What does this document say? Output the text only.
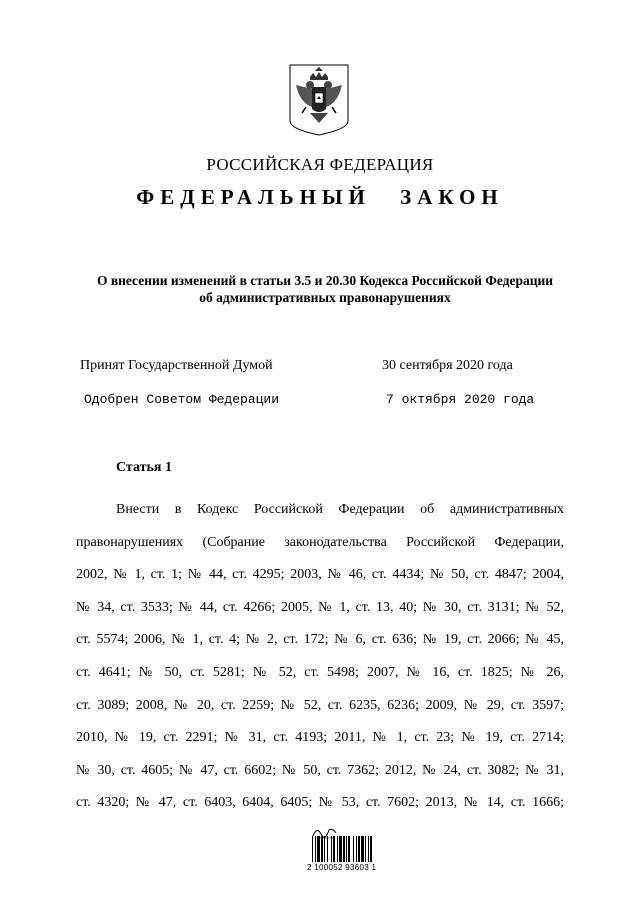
РОССИЙСКАЯ ФЕДЕРАЦИЯ
ФЕДЕРАЛЬНЫЙ ЗАКОН
О внесении изменений в статьи 3.5 и 20.30 Кодекса Российской Федерации об административных правонарушениях
Принят Государственной Думой	30 сентября 2020 года
Одобрен Советом Федерации	7 октября 2020 года
Статья 1
Внести в Кодекс Российской Федерации об административных
правонарушениях (Собрание законодательства Российской Федерации,
2002, № 1, ст. 1; № 44, ст. 4295; 2003, № 46, ст. 4434; № 50, ст. 4847; 2004,
№ 34, ст. 3533; № 44, ст. 4266; 2005, № 1, ст. 13, 40; № 30, ст. 3131; № 52,
ст. 5574; 2006, № 1, ст. 4; № 2, ст. 172; № 6, ст. 636; № 19, ст. 2066; № 45,
ст. 4641; № 50, ст. 5281; № 52, ст. 5498; 2007, № 16, ст. 1825; № 26,
ст. 3089; 2008, № 20, ст. 2259; № 52, ст. 6235, 6236; 2009, № 29, ст. 3597;
2010, № 19, ст. 2291; № 31, ст. 4193; 2011, № 1, ст. 23; № 19, ст. 2714;
№ 30, ст. 4605; № 47, ст. 6602; № 50, ст. 7362; 2012, № 24, ст. 3082; № 31,
ст. 4320; № 47, ст. 6403, 6404, 6405; № 53, ст. 7602; 2013, № 14, ст. 1666;
2 100052 93603 1
